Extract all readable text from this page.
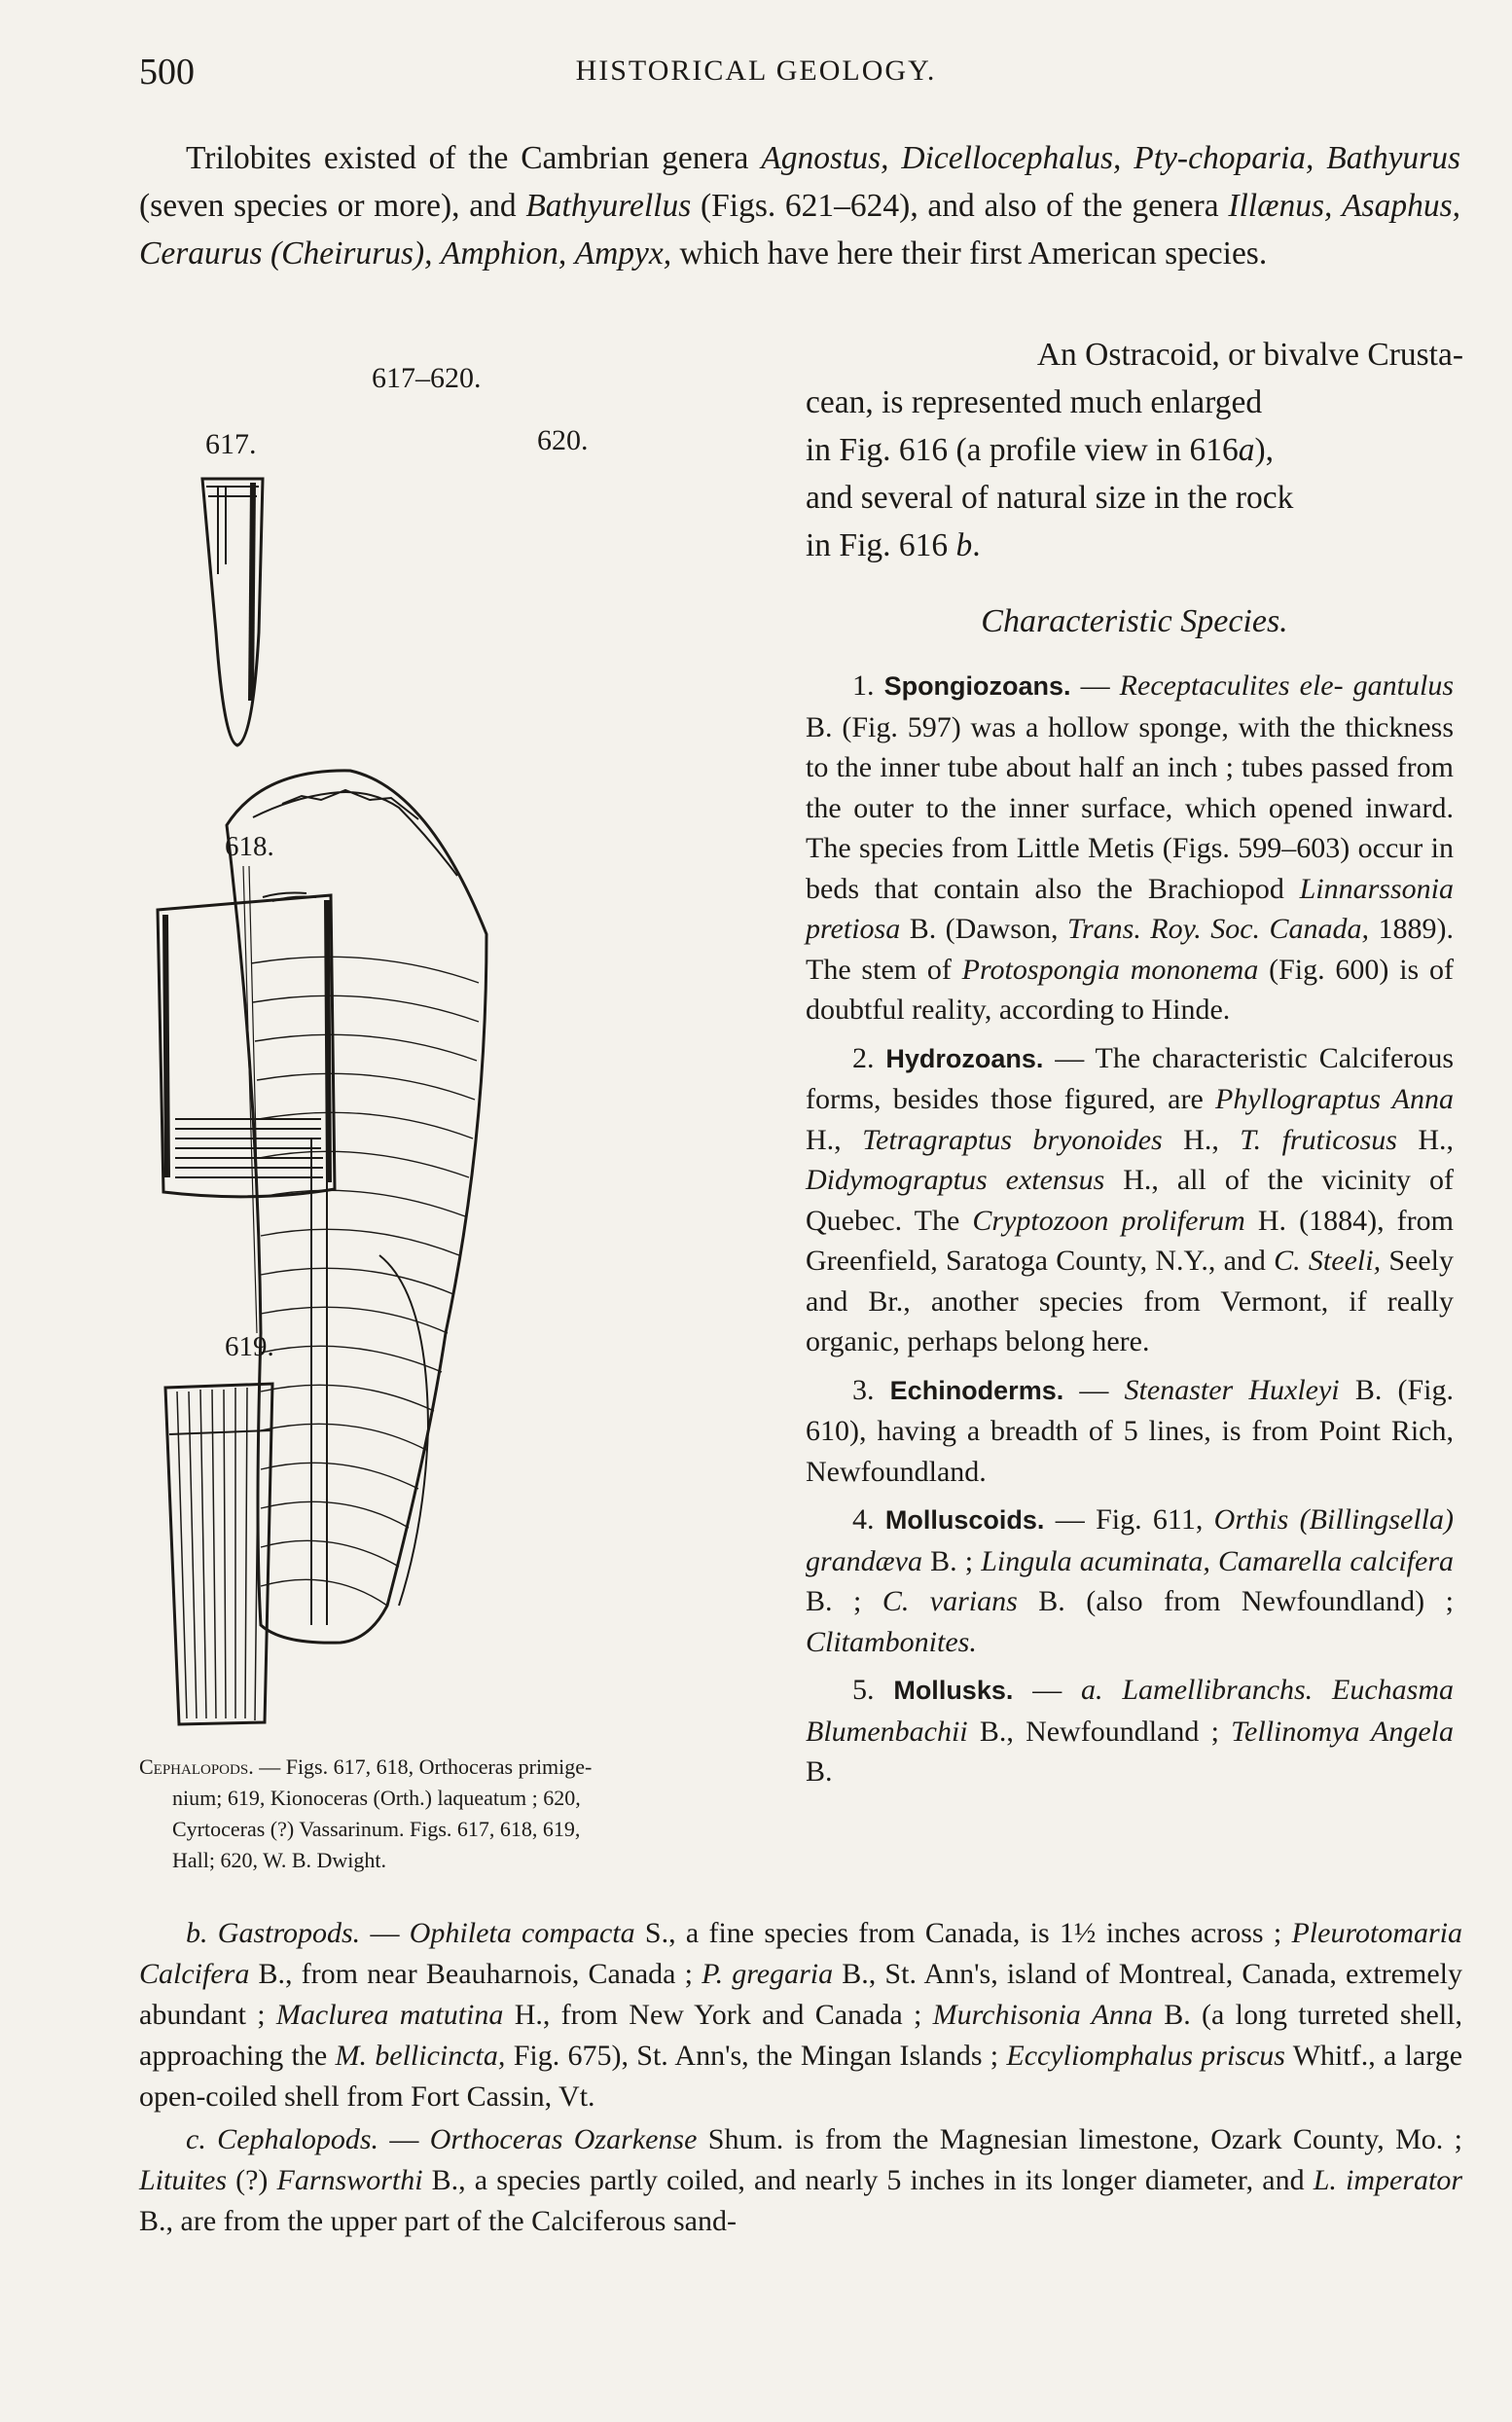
500	HISTORICAL GEOLOGY.

Trilobites existed of the Cambrian genera Agnostus, Dicellocephalus, Pty-choparia, Bathyurus (seven species or more), and Bathyurellus (Figs. 621–624), and also of the genera Illænus, Asaphus, Ceraurus (Cheirurus), Amphion, Ampyx, which have here their first American species.

An Ostracoid, or bivalve Crusta-
cean, is represented much enlarged
in Fig. 616 (a profile view in 616a),
and several of natural size in the rock
in Fig. 616 b.
Characteristic Species.

1. Spongiozoans. — Receptaculites ele- gantulus B. (Fig. 597) was a hollow sponge, with the thickness to the inner tube about half an inch ; tubes passed from the outer to the inner surface, which opened inward. The species from Little Metis (Figs. 599–603) occur in beds that contain also the Brachiopod Linnarssonia pretiosa B. (Dawson, Trans. Roy. Soc. Canada, 1889). The stem of Protospongia mononema (Fig. 600) is of doubtful reality, according to Hinde.

2. Hydrozoans. — The characteristic Calciferous forms, besides those figured, are Phyllograptus Anna H., Tetragraptus bryonoides H., T. fruticosus H., Didymograptus extensus H., all of the vicinity of Quebec. The Cryptozoon proliferum H. (1884), from Greenfield, Saratoga County, N.Y., and C. Steeli, Seely and Br., another species from Vermont, if really organic, perhaps belong here.

3. Echinoderms. — Stenaster Huxleyi B. (Fig. 610), having a breadth of 5 lines, is from Point Rich, Newfoundland.

4. Molluscoids. — Fig. 611, Orthis (Billingsella) grandæva B. ; Lingula acuminata, Camarella calcifera B. ; C. varians B. (also from Newfoundland) ; Clitambonites.

5. Mollusks. — a. Lamellibranchs. Euchasma Blumenbachii B., Newfoundland ; Tellinomya Angela B.

617–620.
617.	620.
618.
619.
Cephalopods. — Figs. 617, 618, Orthoceras primige-
nium; 619, Kionoceras (Orth.) laqueatum ; 620,
Cyrtoceras (?) Vassarinum. Figs. 617, 618, 619,
Hall; 620, W. B. Dwight.

b. Gastropods. — Ophileta compacta S., a fine species from Canada, is 1½ inches across ; Pleurotomaria Calcifera B., from near Beauharnois, Canada ; P. gregaria B., St. Ann's, island of Montreal, Canada, extremely abundant ; Maclurea matutina H., from New York and Canada ; Murchisonia Anna B. (a long turreted shell, approaching the M. bellicincta, Fig. 675), St. Ann's, the Mingan Islands ; Eccyliomphalus priscus Whitf., a large open-coiled shell from Fort Cassin, Vt.

c. Cephalopods. — Orthoceras Ozarkense Shum. is from the Magnesian limestone, Ozark County, Mo. ; Lituites (?) Farnsworthi B., a species partly coiled, and nearly 5 inches in its longer diameter, and L. imperator B., are from the upper part of the Calciferous sand-
